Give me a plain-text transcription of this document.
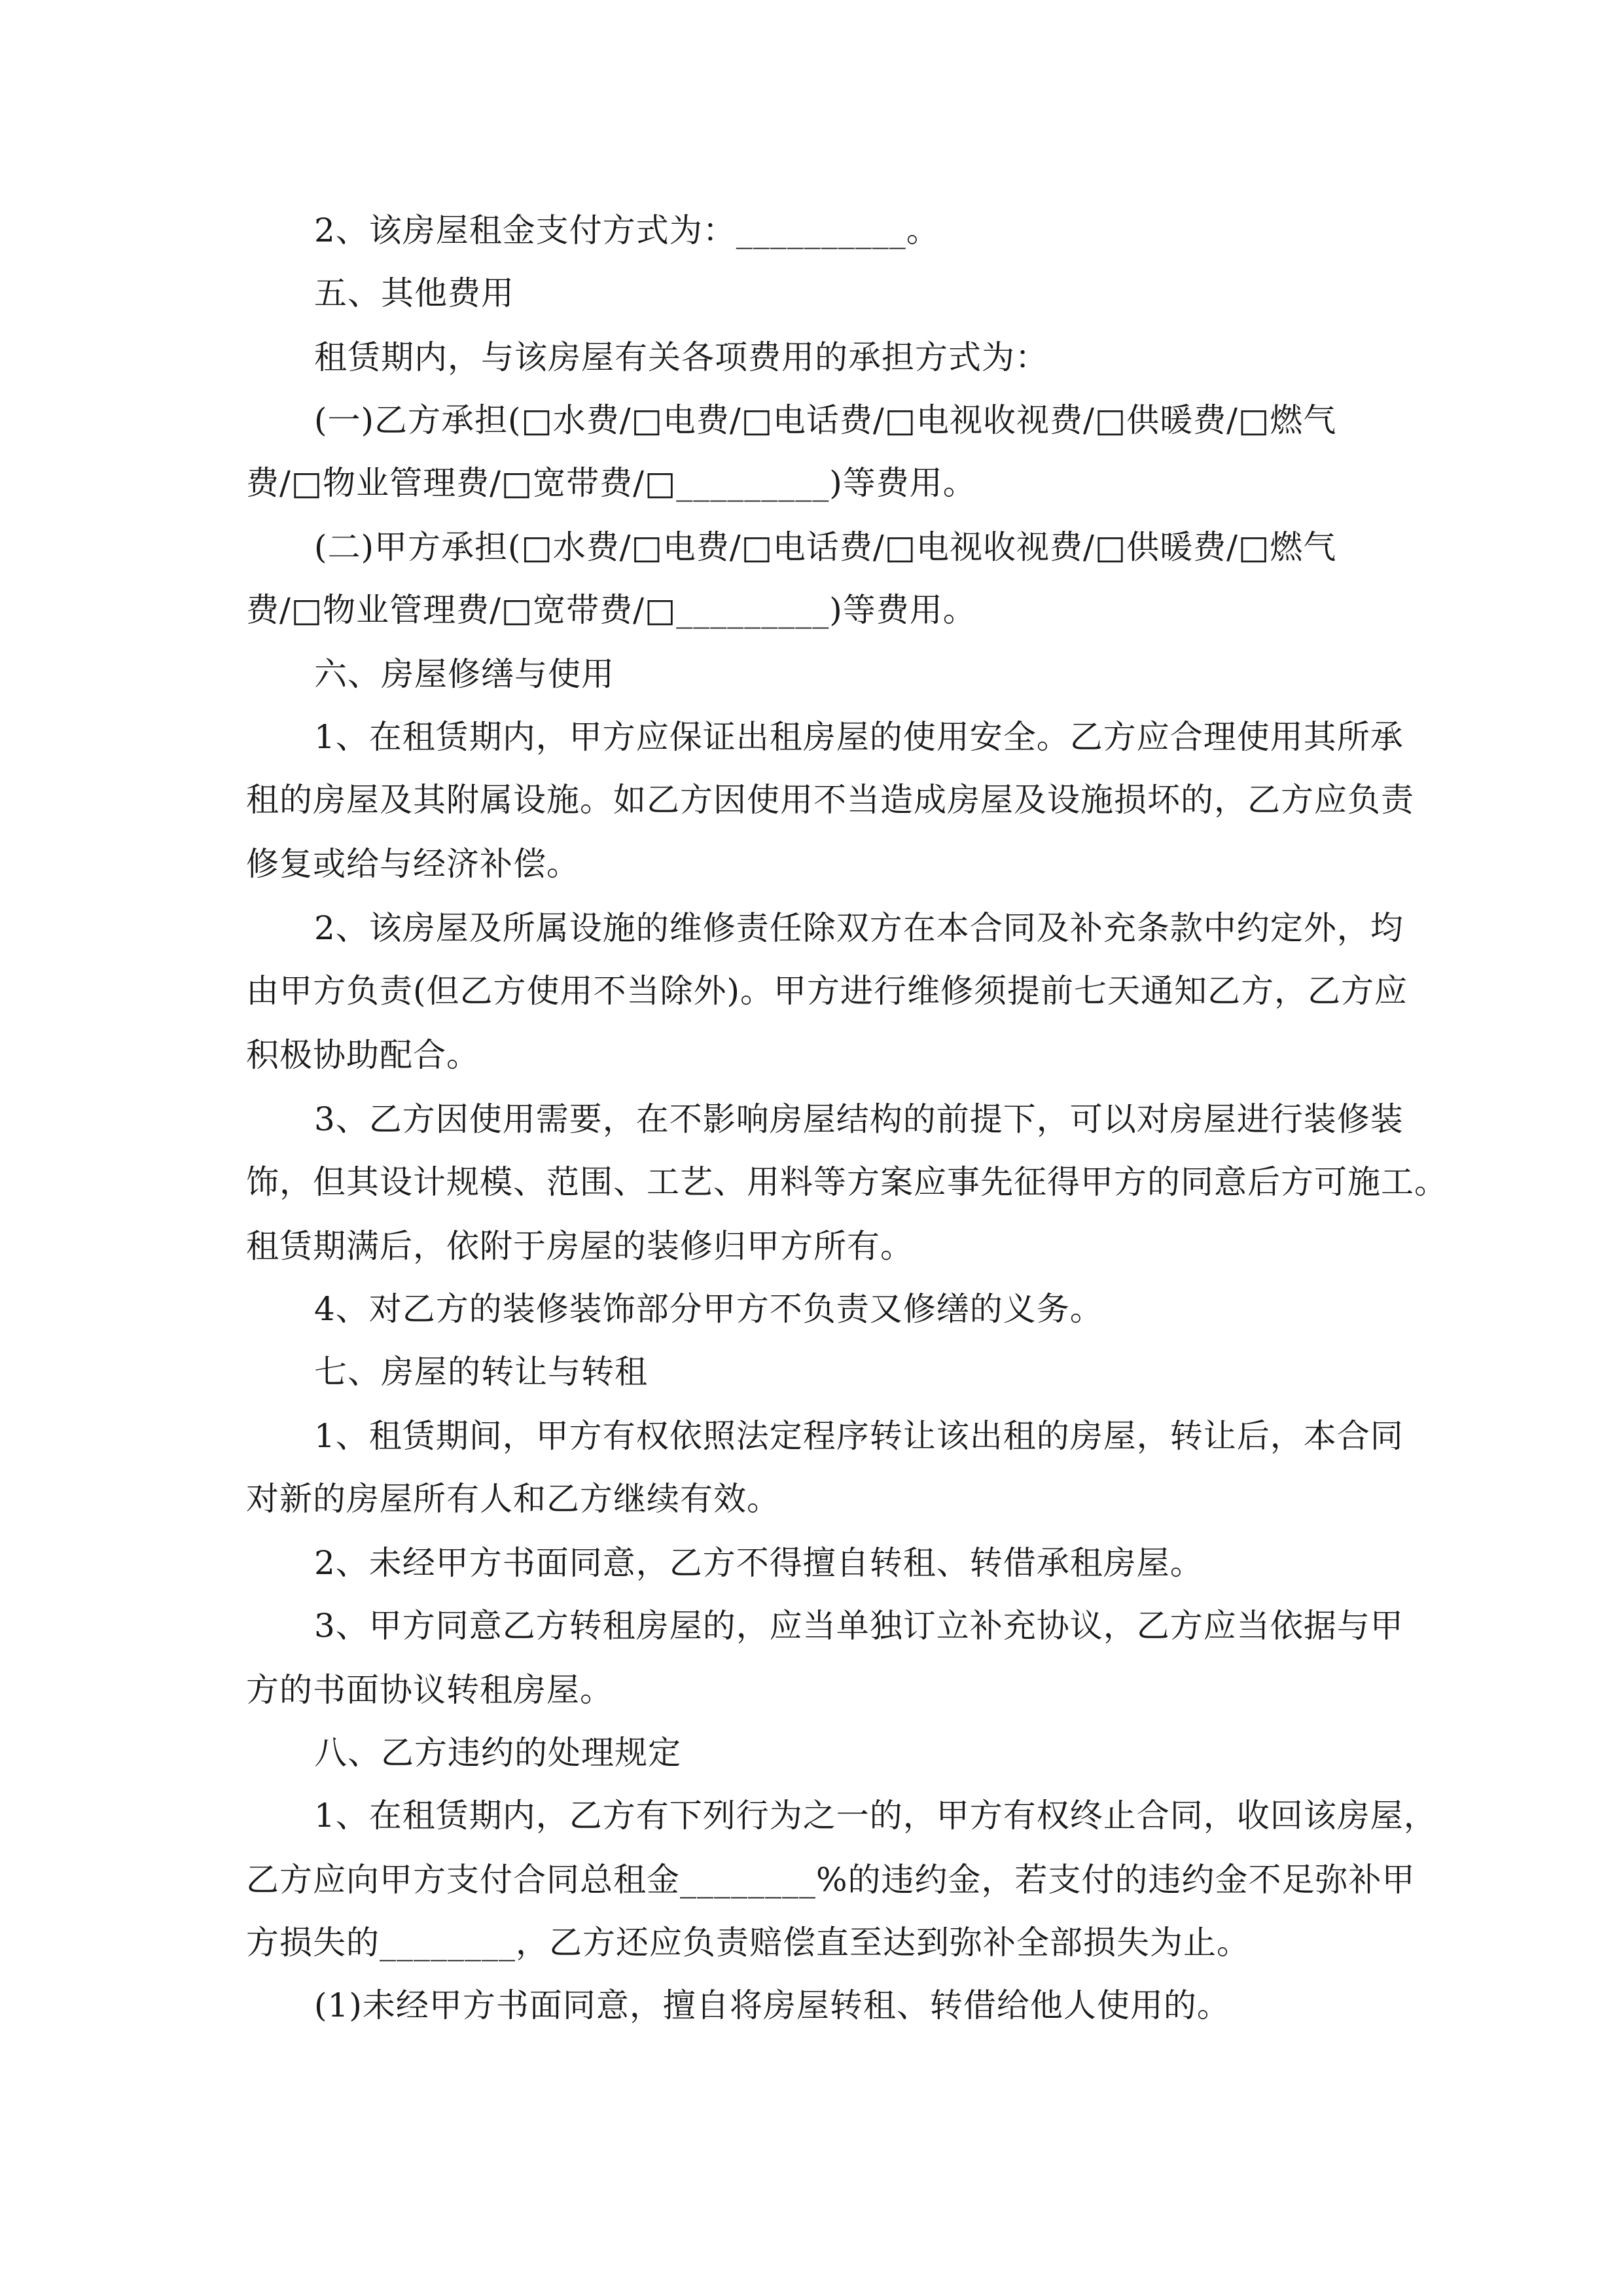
2、该房屋租金支付方式为：__________。
五、其他费用
租赁期内，与该房屋有关各项费用的承担方式为：
(一)乙方承担(□水费/□电费/□电话费/□电视收视费/□供暖费/□燃气
费/□物业管理费/□宽带费/□_________)等费用。
(二)甲方承担(□水费/□电费/□电话费/□电视收视费/□供暖费/□燃气
费/□物业管理费/□宽带费/□_________)等费用。
六、房屋修缮与使用
1、在租赁期内，甲方应保证出租房屋的使用安全。乙方应合理使用其所承
租的房屋及其附属设施。如乙方因使用不当造成房屋及设施损坏的，乙方应负责
修复或给与经济补偿。
2、该房屋及所属设施的维修责任除双方在本合同及补充条款中约定外，均
由甲方负责(但乙方使用不当除外)。甲方进行维修须提前七天通知乙方，乙方应
积极协助配合。
3、乙方因使用需要，在不影响房屋结构的前提下，可以对房屋进行装修装
饰，但其设计规模、范围、工艺、用料等方案应事先征得甲方的同意后方可施工。
租赁期满后，依附于房屋的装修归甲方所有。
4、对乙方的装修装饰部分甲方不负责又修缮的义务。
七、房屋的转让与转租
1、租赁期间，甲方有权依照法定程序转让该出租的房屋，转让后，本合同
对新的房屋所有人和乙方继续有效。
2、未经甲方书面同意，乙方不得擅自转租、转借承租房屋。
3、甲方同意乙方转租房屋的，应当单独订立补充协议，乙方应当依据与甲
方的书面协议转租房屋。
八、乙方违约的处理规定
1、在租赁期内，乙方有下列行为之一的，甲方有权终止合同，收回该房屋，
乙方应向甲方支付合同总租金________%的违约金，若支付的违约金不足弥补甲
方损失的________，乙方还应负责赔偿直至达到弥补全部损失为止。
(1)未经甲方书面同意，擅自将房屋转租、转借给他人使用的。
